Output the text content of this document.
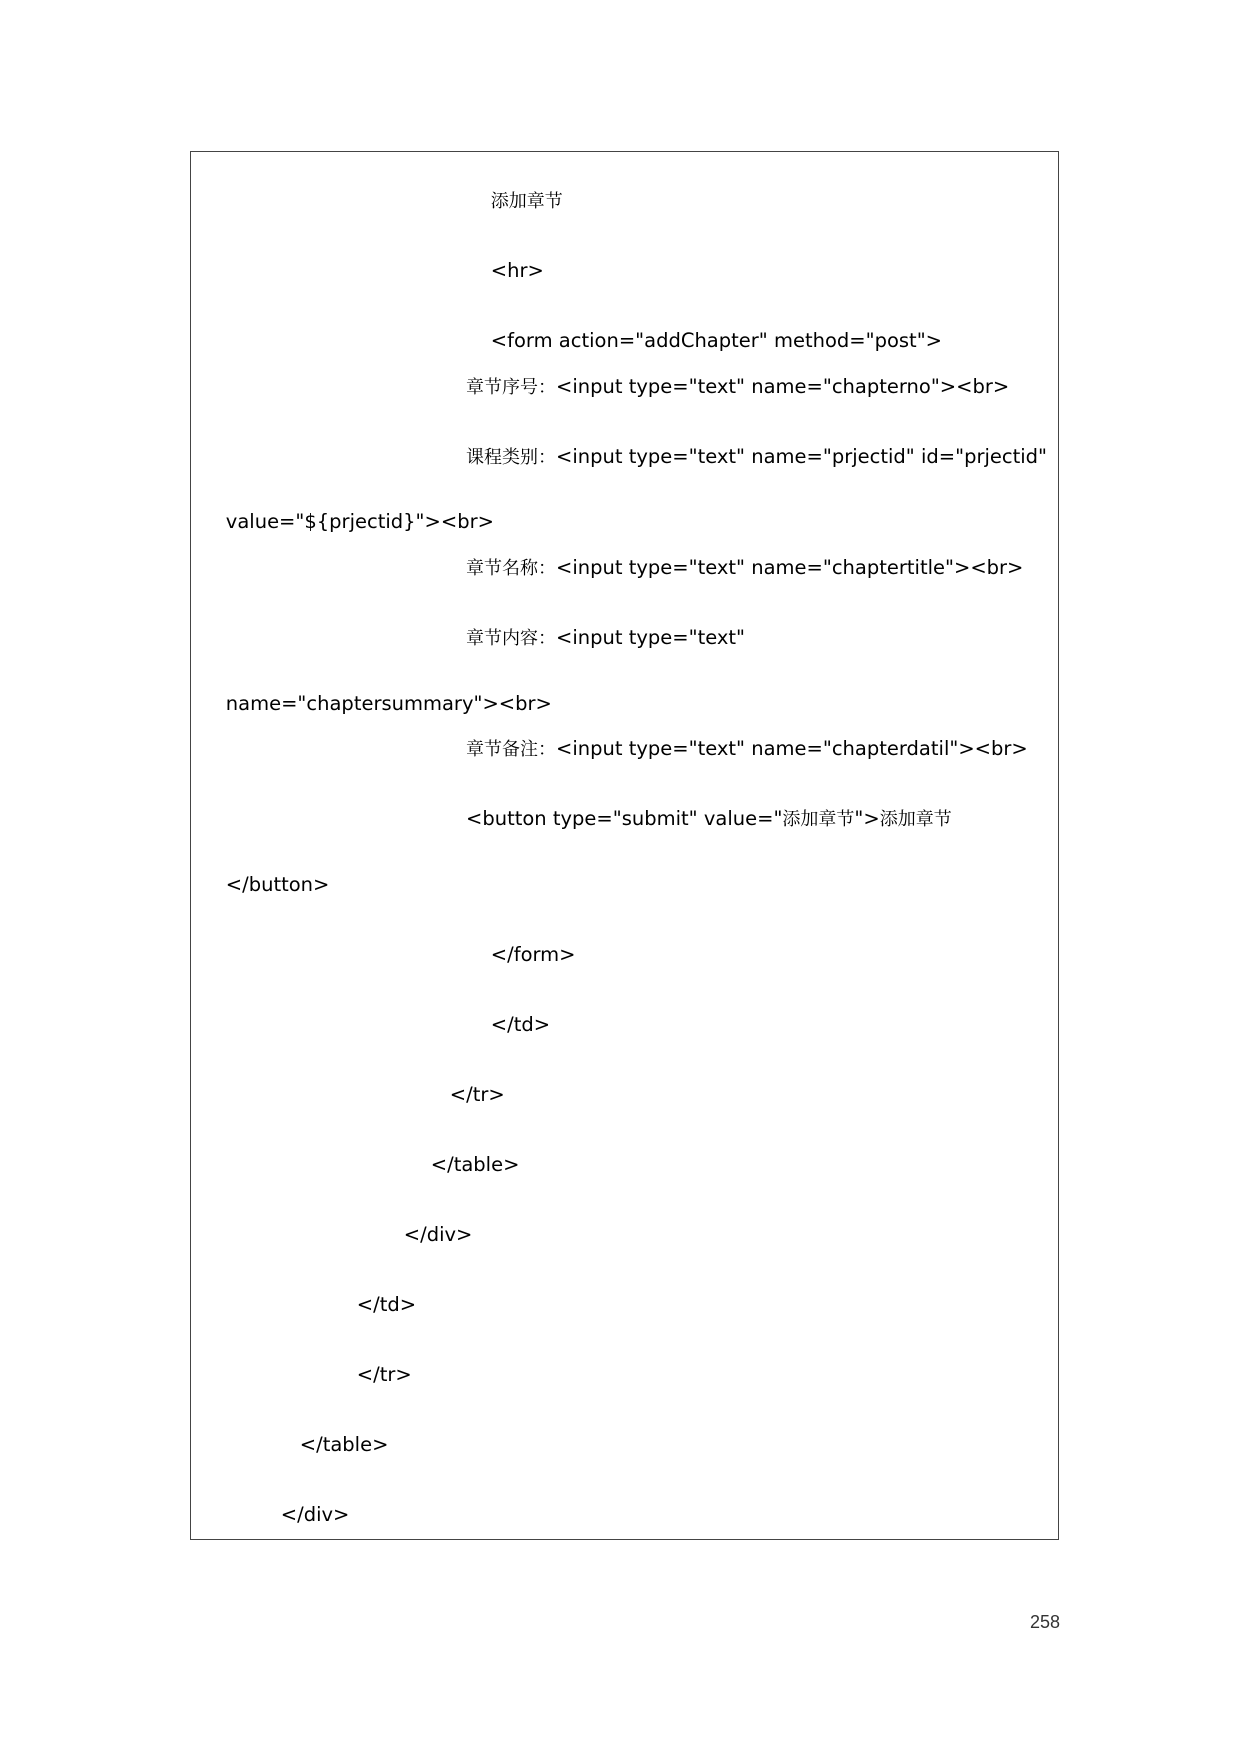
添加章节

<hr>

<form action="addChapter" method="post">

章节序号：<input type="text" name="chapterno"><br>
课程类别：<input type="text" name="prjectid" id="prjectid"

value="${prjectid}"><br>

章节名称：<input type="text" name="chaptertitle"><br>
章节内容：<input type="text"

name="chaptersummary"><br>

章节备注：<input type="text" name="chapterdatil"><br>
<button type="submit" value="添加章节">添加章节

</button>

</form>

</td>

</tr>

</table>

</div>

</td>

</tr>

</table>

</div>

258
